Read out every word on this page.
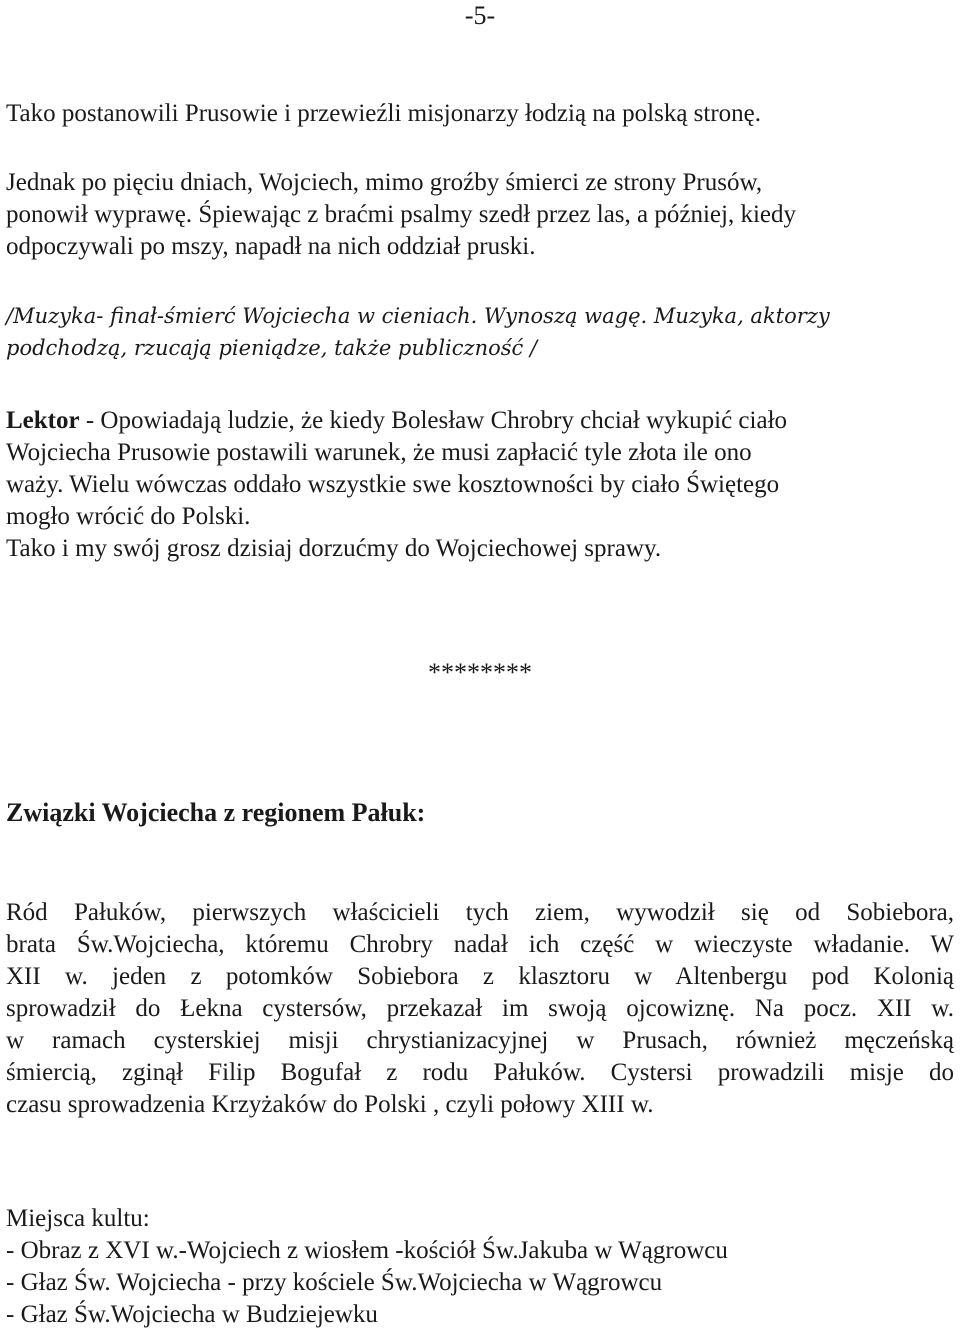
-5-

Tako postanowili Prusowie i przewieźli misjonarzy łodzią na polską stronę.

Jednak po pięciu dniach, Wojciech, mimo groźby śmierci ze strony Prusów,
ponowił wyprawę. Śpiewając z braćmi psalmy szedł przez las, a później, kiedy
odpoczywali po mszy, napadł na nich oddział pruski.
/Muzyka- finał-śmierć Wojciecha w cieniach. Wynoszą wagę. Muzyka, aktorzy
podchodzą, rzucają pieniądze, także publiczność /
Lektor - Opowiadają ludzie, że kiedy Bolesław Chrobry chciał wykupić ciało
Wojciecha Prusowie postawili warunek, że musi zapłacić tyle złota ile ono
waży. Wielu wówczas oddało wszystkie swe kosztowności by ciało Świętego
mogło wrócić do Polski.
Tako i my swój grosz dzisiaj dorzućmy do Wojciechowej sprawy.
********
Związki Wojciecha z regionem Pałuk:
Ród Pałuków, pierwszych właścicieli tych ziem, wywodził się od Sobiebora,
brata Św.Wojciecha, któremu Chrobry nadał ich część w wieczyste władanie. W
XII w. jeden z potomków Sobiebora z klasztoru w Altenbergu pod Kolonią
sprowadził do Łekna cystersów, przekazał im swoją ojcowiznę. Na pocz. XII w.
w ramach cysterskiej misji chrystianizacyjnej w Prusach, również męczeńską
śmiercią, zginął Filip Bogufał z rodu Pałuków. Cystersi prowadzili misje do
czasu sprowadzenia Krzyżaków do Polski , czyli połowy XIII w.
Miejsca kultu:
- Obraz z XVI w.-Wojciech z wiosłem -kościół Św.Jakuba w Wągrowcu
- Głaz Św. Wojciecha - przy kościele Św.Wojciecha w Wągrowcu
- Głaz Św.Wojciecha w Budziejewku
